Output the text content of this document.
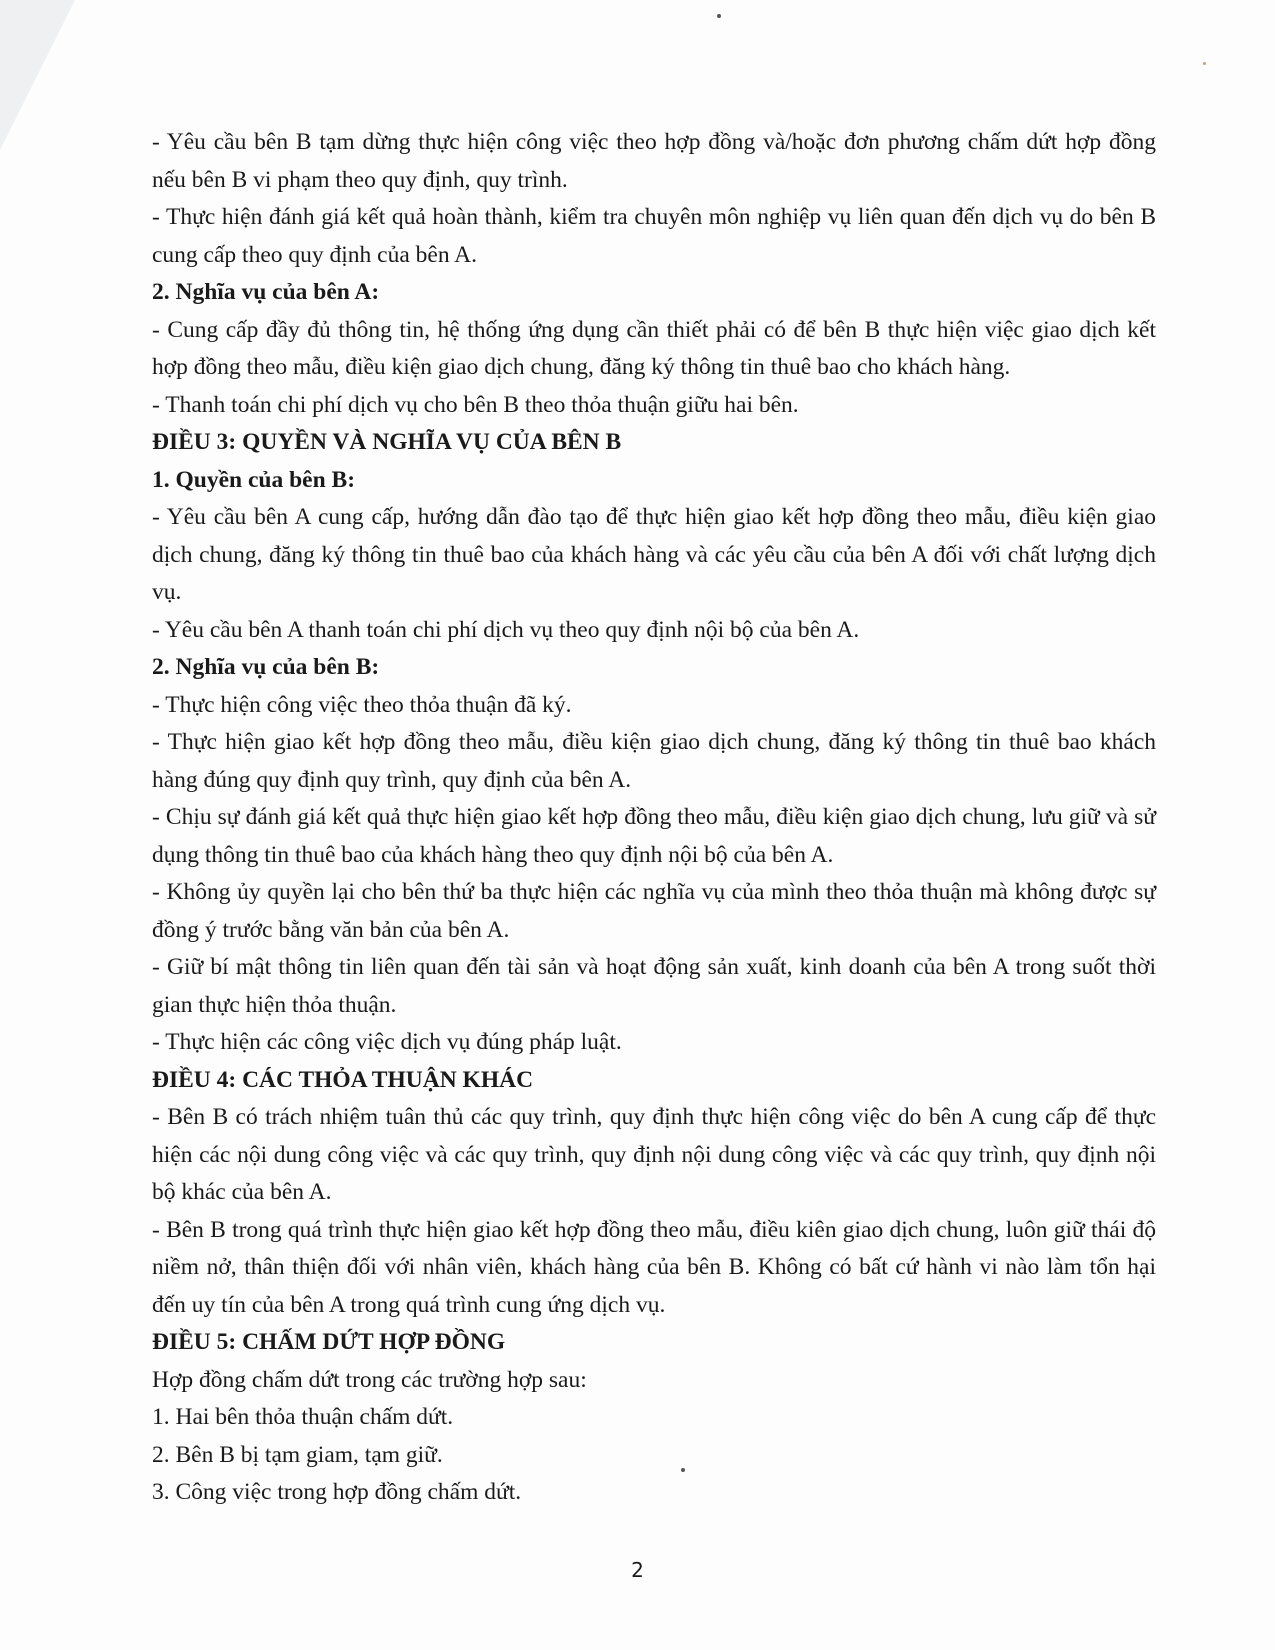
- Yêu cầu bên B tạm dừng thực hiện công việc theo hợp đồng và/hoặc đơn phương chấm dứt hợp đồng nếu bên B vi phạm theo quy định, quy trình.

- Thực hiện đánh giá kết quả hoàn thành, kiểm tra chuyên môn nghiệp vụ liên quan đến dịch vụ do bên B cung cấp theo quy định của bên A.

2. Nghĩa vụ của bên A:

- Cung cấp đầy đủ thông tin, hệ thống ứng dụng cần thiết phải có để bên B thực hiện việc giao dịch kết hợp đồng theo mẫu, điều kiện giao dịch chung, đăng ký thông tin thuê bao cho khách hàng.

- Thanh toán chi phí dịch vụ cho bên B theo thỏa thuận giữu hai bên.

ĐIỀU 3: QUYỀN VÀ NGHĨA VỤ CỦA BÊN B

1. Quyền của bên B:

- Yêu cầu bên A cung cấp, hướng dẫn đào tạo để thực hiện giao kết hợp đồng theo mẫu, điều kiện giao dịch chung, đăng ký thông tin thuê bao của khách hàng và các yêu cầu của bên A đối với chất lượng dịch vụ.

- Yêu cầu bên A thanh toán chi phí dịch vụ theo quy định nội bộ của bên A.

2. Nghĩa vụ của bên B:

- Thực hiện công việc theo thỏa thuận đã ký.

- Thực hiện giao kết hợp đồng theo mẫu, điều kiện giao dịch chung, đăng ký thông tin thuê bao khách hàng đúng quy định quy trình, quy định của bên A.

- Chịu sự đánh giá kết quả thực hiện giao kết hợp đồng theo mẫu, điều kiện giao dịch chung, lưu giữ và sử dụng thông tin thuê bao của khách hàng theo quy định nội bộ của bên A.

- Không ủy quyền lại cho bên thứ ba thực hiện các nghĩa vụ của mình theo thỏa thuận mà không được sự đồng ý trước bằng văn bản của bên A.

- Giữ bí mật thông tin liên quan đến tài sản và hoạt động sản xuất, kinh doanh của bên A trong suốt thời gian thực hiện thỏa thuận.

- Thực hiện các công việc dịch vụ đúng pháp luật.

ĐIỀU 4: CÁC THỎA THUẬN KHÁC

- Bên B có trách nhiệm tuân thủ các quy trình, quy định thực hiện công việc do bên A cung cấp để thực hiện các nội dung công việc và các quy trình, quy định nội dung công việc và các quy trình, quy định nội bộ khác của bên A.

- Bên B trong quá trình thực hiện giao kết hợp đồng theo mẫu, điều kiên giao dịch chung, luôn giữ thái độ niềm nở, thân thiện đối với nhân viên, khách hàng của bên B. Không có bất cứ hành vi nào làm tổn hại đến uy tín của bên A trong quá trình cung ứng dịch vụ.

ĐIỀU 5: CHẤM DỨT HỢP ĐỒNG

Hợp đồng chấm dứt trong các trường hợp sau:

1. Hai bên thỏa thuận chấm dứt.

2. Bên B bị tạm giam, tạm giữ.

3. Công việc trong hợp đồng chấm dứt.

2
